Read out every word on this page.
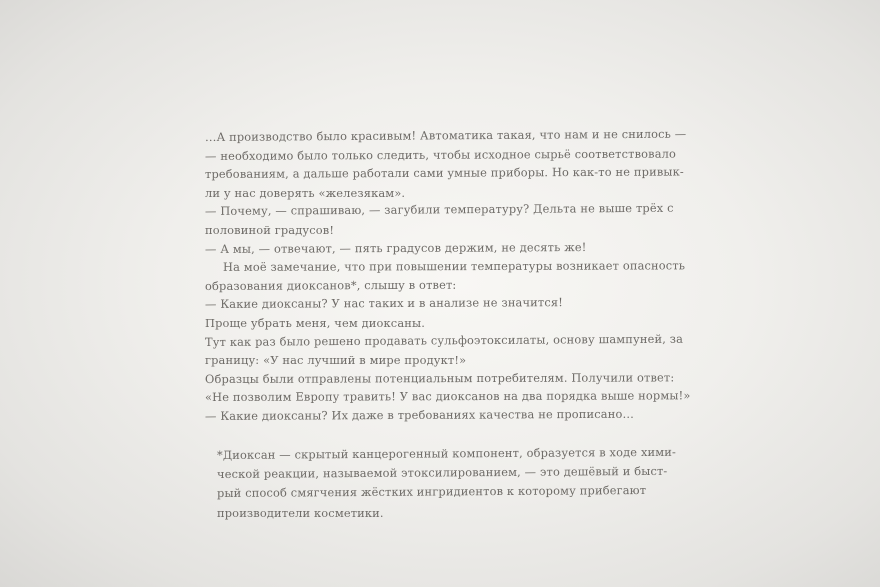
…А производство было красивым! Автоматика такая, что нам и не снилось —
— необходимо было только следить, чтобы исходное сырьё соответствовало
требованиям, а дальше работали сами умные приборы. Но как-то не привык-
ли у нас доверять «железякам».
— Почему, — спрашиваю, — загубили температуру? Дельта не выше трёх с
половиной градусов!
— А мы, — отвечают, — пять градусов держим, не десять же!
На моё замечание, что при повышении температуры возникает опасность
образования диоксанов*, слышу в ответ:
— Какие диоксаны? У нас таких и в анализе не значится!
Проще убрать меня, чем диоксаны.
Тут как раз было решено продавать сульфоэтоксилаты, основу шампуней, за
границу: «У нас лучший в мире продукт!»
Образцы были отправлены потенциальным потребителям. Получили ответ:
«Не позволим Европу травить! У вас диоксанов на два порядка выше нормы!»
— Какие диоксаны? Их даже в требованиях качества не прописано…
*Диоксан — скрытый канцерогенный компонент, образуется в ходе хими-
ческой реакции, называемой этоксилированием, — это дешёвый и быст-
рый способ смягчения жёстких ингридиентов к которому прибегают
производители косметики.
